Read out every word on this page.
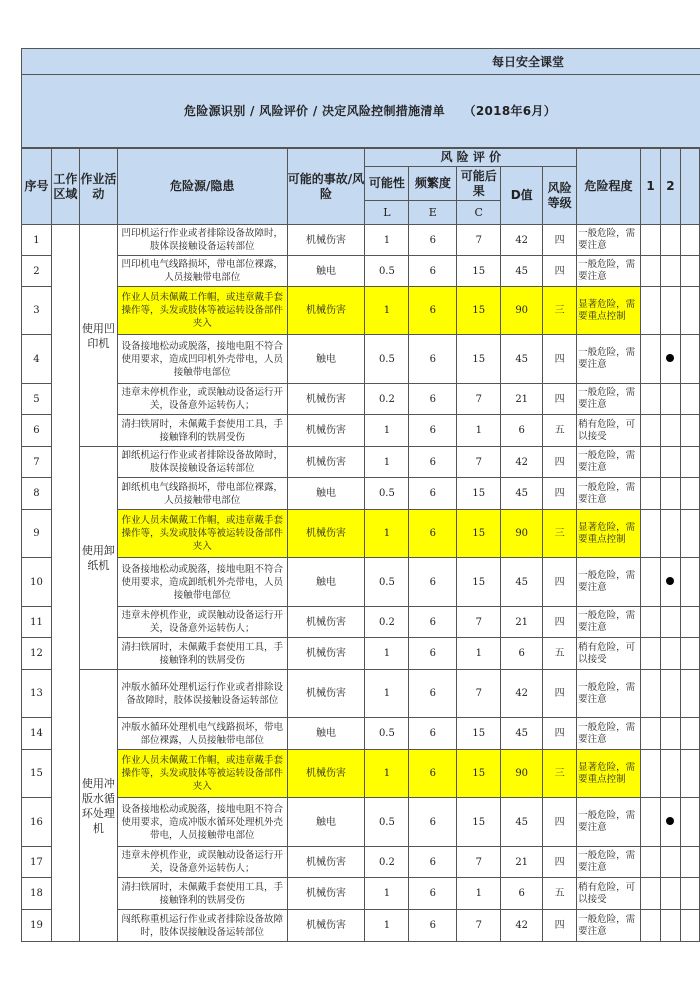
每日安全课堂
危险源识别 / 风险评价 / 决定风险控制措施清单　　（2018年6月）
序号	工作区域	作业活动	危险源/隐患	可能的事故/风险	风 险 评 价					危险程度	1	2	
					可能性	频繁度	可能后果	D值	风险等级				
					L	E	C						
1		使用凹印机	凹印机运行作业或者排除设备故障时，肢体误接触设备运转部位	机械伤害	1	6	7	42	四	一般危险，需要注意			
2			凹印机电气线路损坏，带电部位裸露，人员接触带电部位	触电	0.5	6	15	45	四	一般危险，需要注意			
3			作业人员未佩戴工作帽，或违章戴手套操作等，头发或肢体等被运转设备部件夹入	机械伤害	1	6	15	90	三	显著危险，需要重点控制			
4			设备接地松动或脱落，接地电阻不符合使用要求，造成凹印机外壳带电，人员接触带电部位	触电	0.5	6	15	45	四	一般危险，需要注意			
5			违章未停机作业，或误触动设备运行开关，设备意外运转伤人；	机械伤害	0.2	6	7	21	四	一般危险，需要注意			
6			清扫铁屑时，未佩戴手套使用工具，手接触锋利的铁屑受伤	机械伤害	1	6	1	6	五	稍有危险，可以接受			
7		使用卸纸机	卸纸机运行作业或者排除设备故障时，肢体误接触设备运转部位	机械伤害	1	6	7	42	四	一般危险，需要注意			
8			卸纸机电气线路损坏，带电部位裸露，人员接触带电部位	触电	0.5	6	15	45	四	一般危险，需要注意			
9			作业人员未佩戴工作帽，或违章戴手套操作等，头发或肢体等被运转设备部件夹入	机械伤害	1	6	15	90	三	显著危险，需要重点控制			
10			设备接地松动或脱落，接地电阻不符合使用要求，造成卸纸机外壳带电，人员接触带电部位	触电	0.5	6	15	45	四	一般危险，需要注意			
11			违章未停机作业，或误触动设备运行开关，设备意外运转伤人；	机械伤害	0.2	6	7	21	四	一般危险，需要注意			
12			清扫铁屑时，未佩戴手套使用工具，手接触锋利的铁屑受伤	机械伤害	1	6	1	6	五	稍有危险，可以接受			
13		使用冲版水循环处理机	冲版水循环处理机运行作业或者排除设备故障时，肢体误接触设备运转部位	机械伤害	1	6	7	42	四	一般危险，需要注意			
14			冲版水循环处理机电气线路损坏，带电部位裸露，人员接触带电部位	触电	0.5	6	15	45	四	一般危险，需要注意			
15			作业人员未佩戴工作帽，或违章戴手套操作等，头发或肢体等被运转设备部件夹入	机械伤害	1	6	15	90	三	显著危险，需要重点控制			
16			设备接地松动或脱落，接地电阻不符合使用要求，造成冲版水循环处理机外壳带电，人员接触带电部位	触电	0.5	6	15	45	四	一般危险，需要注意			
17			违章未停机作业，或误触动设备运行开关，设备意外运转伤人；	机械伤害	0.2	6	7	21	四	一般危险，需要注意			
18			清扫铁屑时，未佩戴手套使用工具，手接触锋利的铁屑受伤	机械伤害	1	6	1	6	五	稍有危险，可以接受			
19			闯纸称重机运行作业或者排除设备故障时，肢体误接触设备运转部位	机械伤害	1	6	7	42	四	一般危险，需要注意			
